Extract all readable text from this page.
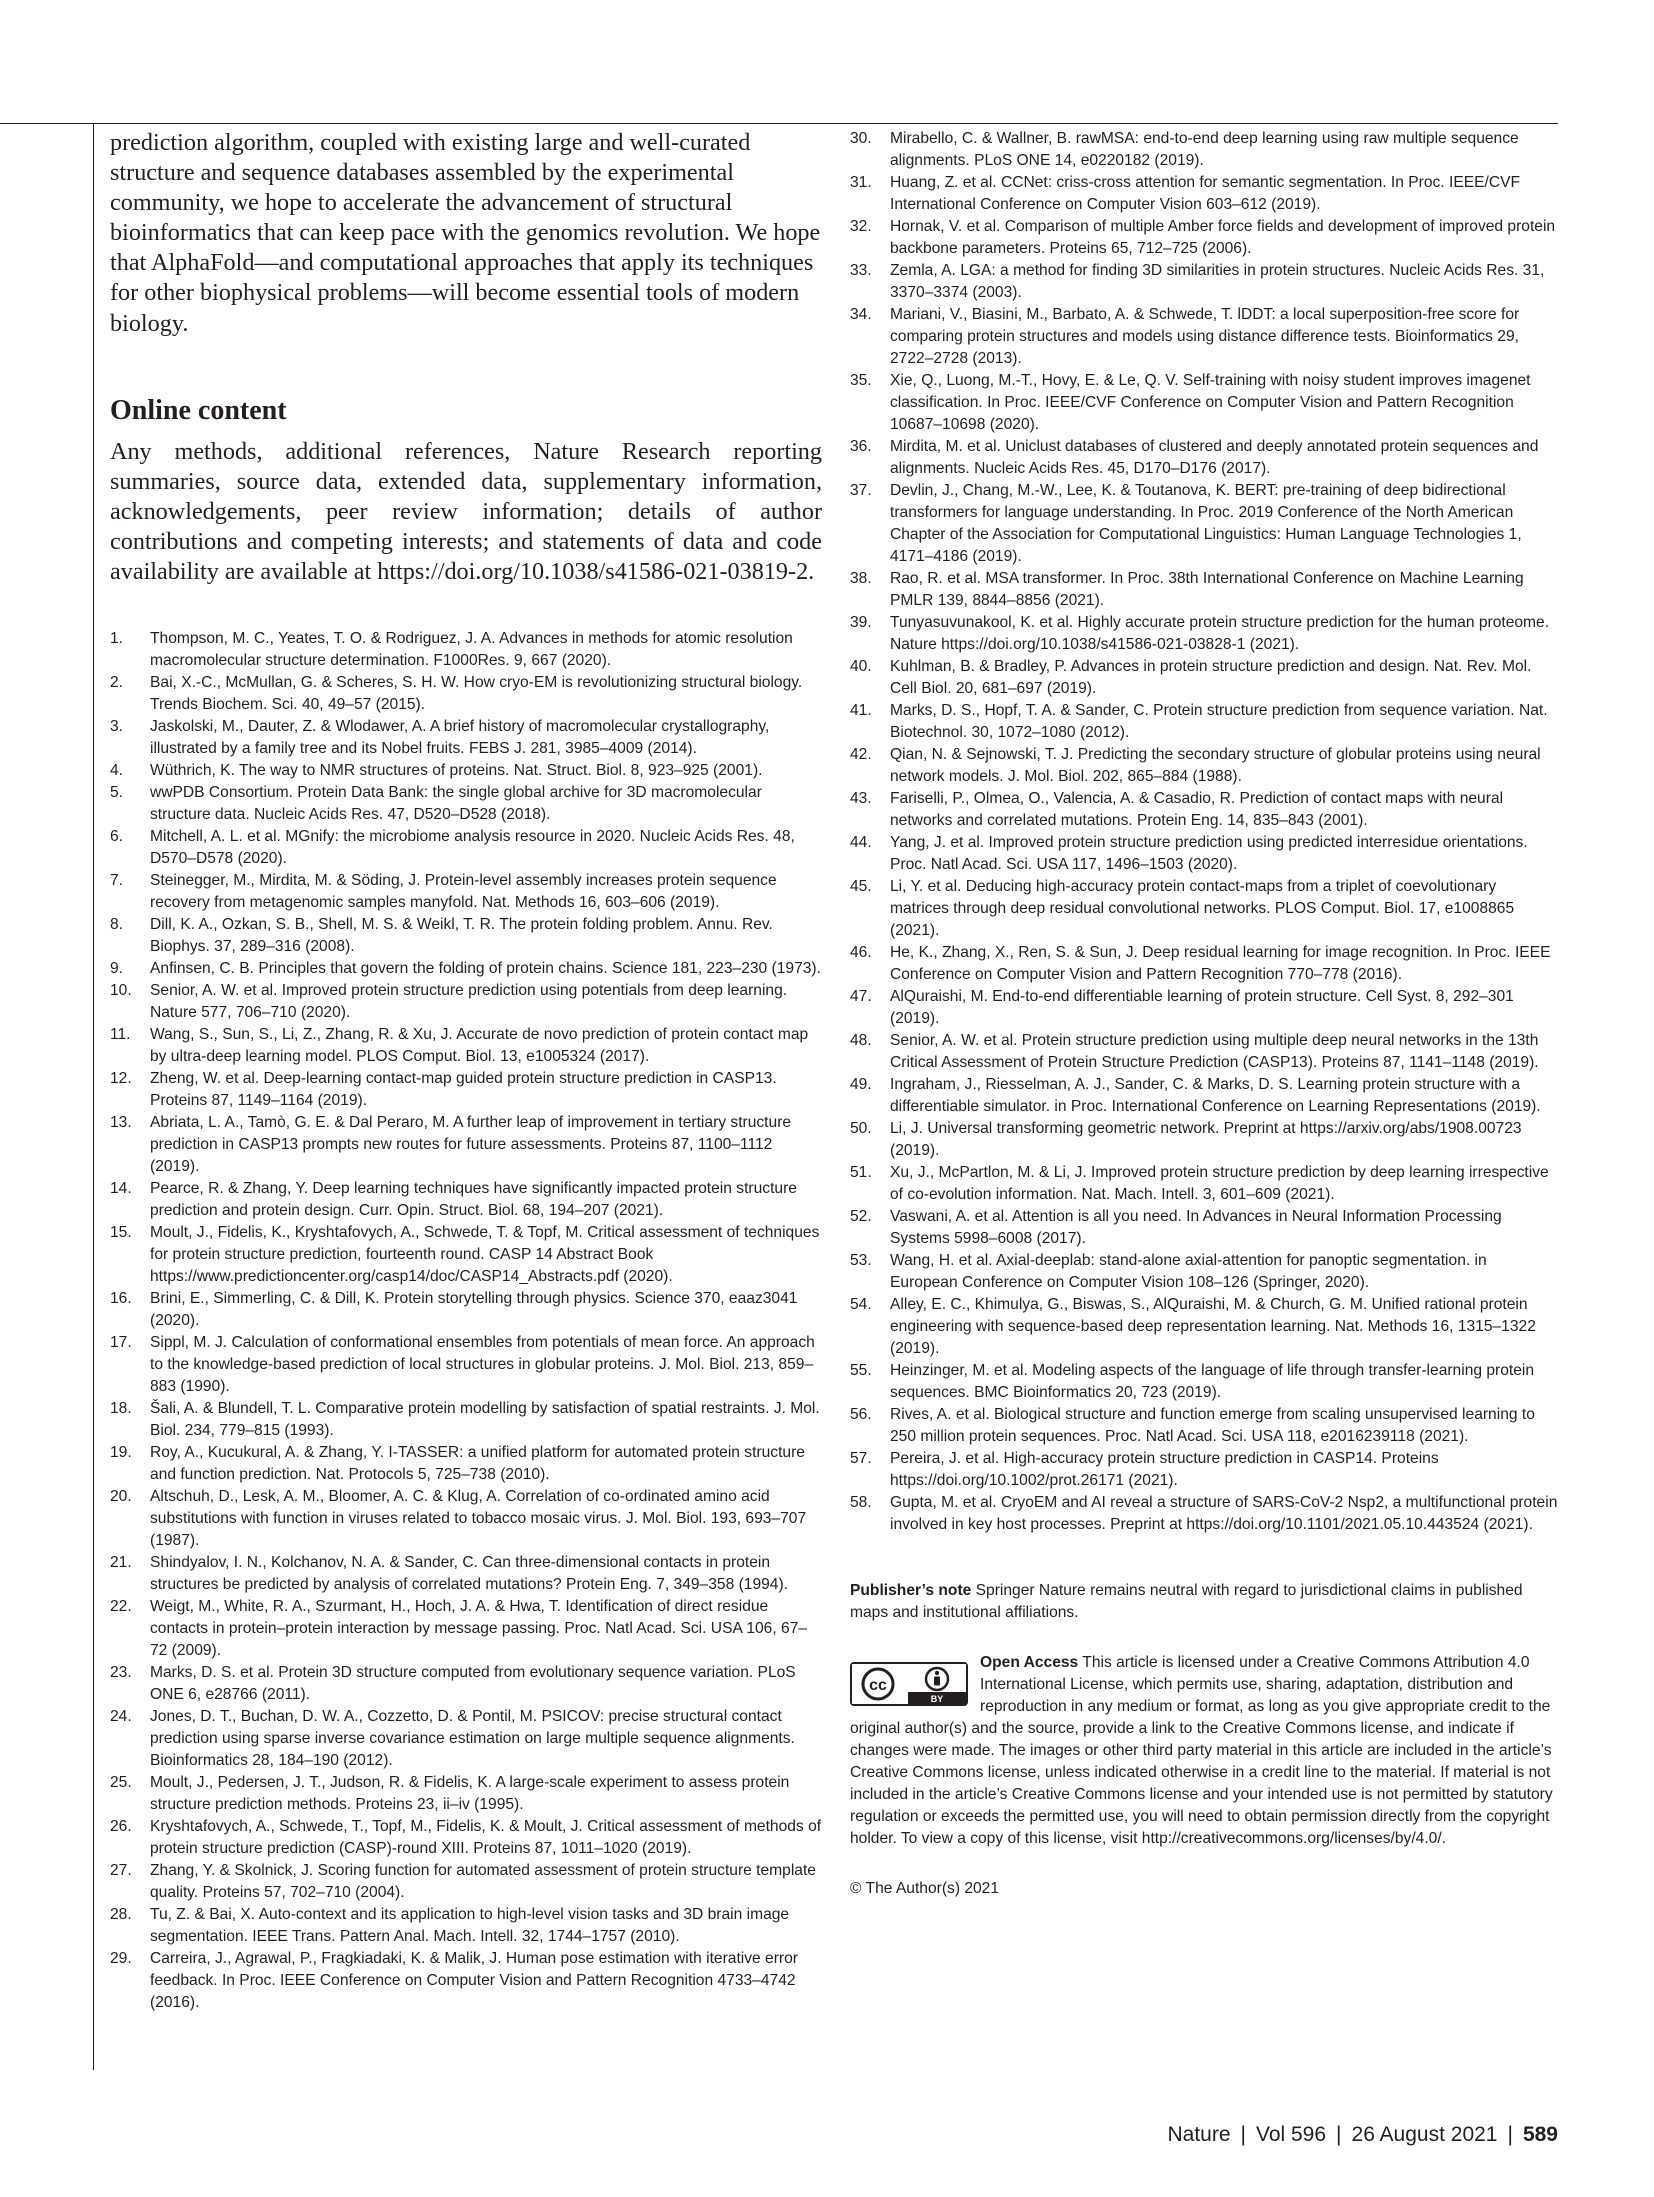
prediction algorithm, coupled with existing large and well-curated structure and sequence databases assembled by the experimental community, we hope to accelerate the advancement of structural bioinformatics that can keep pace with the genomics revolution. We hope that AlphaFold—and computational approaches that apply its techniques for other biophysical problems—will become essential tools of modern biology.

Online content

Any methods, additional references, Nature Research reporting summaries, source data, extended data, supplementary information, acknowledgements, peer review information; details of author contributions and competing interests; and statements of data and code availability are available at https://doi.org/10.1038/s41586-021-03819-2.

1.	Thompson, M. C., Yeates, T. O. & Rodriguez, J. A. Advances in methods for atomic resolution macromolecular structure determination. F1000Res. 9, 667 (2020).
2.	Bai, X.-C., McMullan, G. & Scheres, S. H. W. How cryo-EM is revolutionizing structural biology. Trends Biochem. Sci. 40, 49–57 (2015).
3.	Jaskolski, M., Dauter, Z. & Wlodawer, A. A brief history of macromolecular crystallography, illustrated by a family tree and its Nobel fruits. FEBS J. 281, 3985–4009 (2014).
4.	Wüthrich, K. The way to NMR structures of proteins. Nat. Struct. Biol. 8, 923–925 (2001).
5.	wwPDB Consortium. Protein Data Bank: the single global archive for 3D macromolecular structure data. Nucleic Acids Res. 47, D520–D528 (2018).
6.	Mitchell, A. L. et al. MGnify: the microbiome analysis resource in 2020. Nucleic Acids Res. 48, D570–D578 (2020).
7.	Steinegger, M., Mirdita, M. & Söding, J. Protein-level assembly increases protein sequence recovery from metagenomic samples manyfold. Nat. Methods 16, 603–606 (2019).
8.	Dill, K. A., Ozkan, S. B., Shell, M. S. & Weikl, T. R. The protein folding problem. Annu. Rev. Biophys. 37, 289–316 (2008).
9.	Anfinsen, C. B. Principles that govern the folding of protein chains. Science 181, 223–230 (1973).
10.	Senior, A. W. et al. Improved protein structure prediction using potentials from deep learning. Nature 577, 706–710 (2020).
11.	Wang, S., Sun, S., Li, Z., Zhang, R. & Xu, J. Accurate de novo prediction of protein contact map by ultra-deep learning model. PLOS Comput. Biol. 13, e1005324 (2017).
12.	Zheng, W. et al. Deep-learning contact-map guided protein structure prediction in CASP13. Proteins 87, 1149–1164 (2019).
13.	Abriata, L. A., Tamò, G. E. & Dal Peraro, M. A further leap of improvement in tertiary structure prediction in CASP13 prompts new routes for future assessments. Proteins 87, 1100–1112 (2019).
14.	Pearce, R. & Zhang, Y. Deep learning techniques have significantly impacted protein structure prediction and protein design. Curr. Opin. Struct. Biol. 68, 194–207 (2021).
15.	Moult, J., Fidelis, K., Kryshtafovych, A., Schwede, T. & Topf, M. Critical assessment of techniques for protein structure prediction, fourteenth round. CASP 14 Abstract Book https://www.predictioncenter.org/casp14/doc/CASP14_Abstracts.pdf (2020).
16.	Brini, E., Simmerling, C. & Dill, K. Protein storytelling through physics. Science 370, eaaz3041 (2020).
17.	Sippl, M. J. Calculation of conformational ensembles from potentials of mean force. An approach to the knowledge-based prediction of local structures in globular proteins. J. Mol. Biol. 213, 859–883 (1990).
18.	Šali, A. & Blundell, T. L. Comparative protein modelling by satisfaction of spatial restraints. J. Mol. Biol. 234, 779–815 (1993).
19.	Roy, A., Kucukural, A. & Zhang, Y. I-TASSER: a unified platform for automated protein structure and function prediction. Nat. Protocols 5, 725–738 (2010).
20.	Altschuh, D., Lesk, A. M., Bloomer, A. C. & Klug, A. Correlation of co-ordinated amino acid substitutions with function in viruses related to tobacco mosaic virus. J. Mol. Biol. 193, 693–707 (1987).
21.	Shindyalov, I. N., Kolchanov, N. A. & Sander, C. Can three-dimensional contacts in protein structures be predicted by analysis of correlated mutations? Protein Eng. 7, 349–358 (1994).
22.	Weigt, M., White, R. A., Szurmant, H., Hoch, J. A. & Hwa, T. Identification of direct residue contacts in protein–protein interaction by message passing. Proc. Natl Acad. Sci. USA 106, 67–72 (2009).
23.	Marks, D. S. et al. Protein 3D structure computed from evolutionary sequence variation. PLoS ONE 6, e28766 (2011).
24.	Jones, D. T., Buchan, D. W. A., Cozzetto, D. & Pontil, M. PSICOV: precise structural contact prediction using sparse inverse covariance estimation on large multiple sequence alignments. Bioinformatics 28, 184–190 (2012).
25.	Moult, J., Pedersen, J. T., Judson, R. & Fidelis, K. A large-scale experiment to assess protein structure prediction methods. Proteins 23, ii–iv (1995).
26.	Kryshtafovych, A., Schwede, T., Topf, M., Fidelis, K. & Moult, J. Critical assessment of methods of protein structure prediction (CASP)-round XIII. Proteins 87, 1011–1020 (2019).
27.	Zhang, Y. & Skolnick, J. Scoring function for automated assessment of protein structure template quality. Proteins 57, 702–710 (2004).
28.	Tu, Z. & Bai, X. Auto-context and its application to high-level vision tasks and 3D brain image segmentation. IEEE Trans. Pattern Anal. Mach. Intell. 32, 1744–1757 (2010).
29.	Carreira, J., Agrawal, P., Fragkiadaki, K. & Malik, J. Human pose estimation with iterative error feedback. In Proc. IEEE Conference on Computer Vision and Pattern Recognition 4733–4742 (2016).
30.	Mirabello, C. & Wallner, B. rawMSA: end-to-end deep learning using raw multiple sequence alignments. PLoS ONE 14, e0220182 (2019).
31.	Huang, Z. et al. CCNet: criss-cross attention for semantic segmentation. In Proc. IEEE/CVF International Conference on Computer Vision 603–612 (2019).
32.	Hornak, V. et al. Comparison of multiple Amber force fields and development of improved protein backbone parameters. Proteins 65, 712–725 (2006).
33.	Zemla, A. LGA: a method for finding 3D similarities in protein structures. Nucleic Acids Res. 31, 3370–3374 (2003).
34.	Mariani, V., Biasini, M., Barbato, A. & Schwede, T. lDDT: a local superposition-free score for comparing protein structures and models using distance difference tests. Bioinformatics 29, 2722–2728 (2013).
35.	Xie, Q., Luong, M.-T., Hovy, E. & Le, Q. V. Self-training with noisy student improves imagenet classification. In Proc. IEEE/CVF Conference on Computer Vision and Pattern Recognition 10687–10698 (2020).
36.	Mirdita, M. et al. Uniclust databases of clustered and deeply annotated protein sequences and alignments. Nucleic Acids Res. 45, D170–D176 (2017).
37.	Devlin, J., Chang, M.-W., Lee, K. & Toutanova, K. BERT: pre-training of deep bidirectional transformers for language understanding. In Proc. 2019 Conference of the North American Chapter of the Association for Computational Linguistics: Human Language Technologies 1, 4171–4186 (2019).
38.	Rao, R. et al. MSA transformer. In Proc. 38th International Conference on Machine Learning PMLR 139, 8844–8856 (2021).
39.	Tunyasuvunakool, K. et al. Highly accurate protein structure prediction for the human proteome. Nature https://doi.org/10.1038/s41586-021-03828-1 (2021).
40.	Kuhlman, B. & Bradley, P. Advances in protein structure prediction and design. Nat. Rev. Mol. Cell Biol. 20, 681–697 (2019).
41.	Marks, D. S., Hopf, T. A. & Sander, C. Protein structure prediction from sequence variation. Nat. Biotechnol. 30, 1072–1080 (2012).
42.	Qian, N. & Sejnowski, T. J. Predicting the secondary structure of globular proteins using neural network models. J. Mol. Biol. 202, 865–884 (1988).
43.	Fariselli, P., Olmea, O., Valencia, A. & Casadio, R. Prediction of contact maps with neural networks and correlated mutations. Protein Eng. 14, 835–843 (2001).
44.	Yang, J. et al. Improved protein structure prediction using predicted interresidue orientations. Proc. Natl Acad. Sci. USA 117, 1496–1503 (2020).
45.	Li, Y. et al. Deducing high-accuracy protein contact-maps from a triplet of coevolutionary matrices through deep residual convolutional networks. PLOS Comput. Biol. 17, e1008865 (2021).
46.	He, K., Zhang, X., Ren, S. & Sun, J. Deep residual learning for image recognition. In Proc. IEEE Conference on Computer Vision and Pattern Recognition 770–778 (2016).
47.	AlQuraishi, M. End-to-end differentiable learning of protein structure. Cell Syst. 8, 292–301 (2019).
48.	Senior, A. W. et al. Protein structure prediction using multiple deep neural networks in the 13th Critical Assessment of Protein Structure Prediction (CASP13). Proteins 87, 1141–1148 (2019).
49.	Ingraham, J., Riesselman, A. J., Sander, C. & Marks, D. S. Learning protein structure with a differentiable simulator. in Proc. International Conference on Learning Representations (2019).
50.	Li, J. Universal transforming geometric network. Preprint at https://arxiv.org/abs/1908.00723 (2019).
51.	Xu, J., McPartlon, M. & Li, J. Improved protein structure prediction by deep learning irrespective of co-evolution information. Nat. Mach. Intell. 3, 601–609 (2021).
52.	Vaswani, A. et al. Attention is all you need. In Advances in Neural Information Processing Systems 5998–6008 (2017).
53.	Wang, H. et al. Axial-deeplab: stand-alone axial-attention for panoptic segmentation. in European Conference on Computer Vision 108–126 (Springer, 2020).
54.	Alley, E. C., Khimulya, G., Biswas, S., AlQuraishi, M. & Church, G. M. Unified rational protein engineering with sequence-based deep representation learning. Nat. Methods 16, 1315–1322 (2019).
55.	Heinzinger, M. et al. Modeling aspects of the language of life through transfer-learning protein sequences. BMC Bioinformatics 20, 723 (2019).
56.	Rives, A. et al. Biological structure and function emerge from scaling unsupervised learning to 250 million protein sequences. Proc. Natl Acad. Sci. USA 118, e2016239118 (2021).
57.	Pereira, J. et al. High-accuracy protein structure prediction in CASP14. Proteins https://doi.org/10.1002/prot.26171 (2021).
58.	Gupta, M. et al. CryoEM and AI reveal a structure of SARS-CoV-2 Nsp2, a multifunctional protein involved in key host processes. Preprint at https://doi.org/10.1101/2021.05.10.443524 (2021).

Publisher’s note Springer Nature remains neutral with regard to jurisdictional claims in published maps and institutional affiliations.

cc
BY
Open Access This article is licensed under a Creative Commons Attribution 4.0 International License, which permits use, sharing, adaptation, distribution and reproduction in any medium or format, as long as you give appropriate credit to the original author(s) and the source, provide a link to the Creative Commons license, and indicate if changes were made. The images or other third party material in this article are included in the article’s Creative Commons license, unless indicated otherwise in a credit line to the material. If material is not included in the article’s Creative Commons license and your intended use is not permitted by statutory regulation or exceeds the permitted use, you will need to obtain permission directly from the copyright holder. To view a copy of this license, visit http://creativecommons.org/licenses/by/4.0/.
© The Author(s) 2021
Nature | Vol 596 | 26 August 2021 | 589
